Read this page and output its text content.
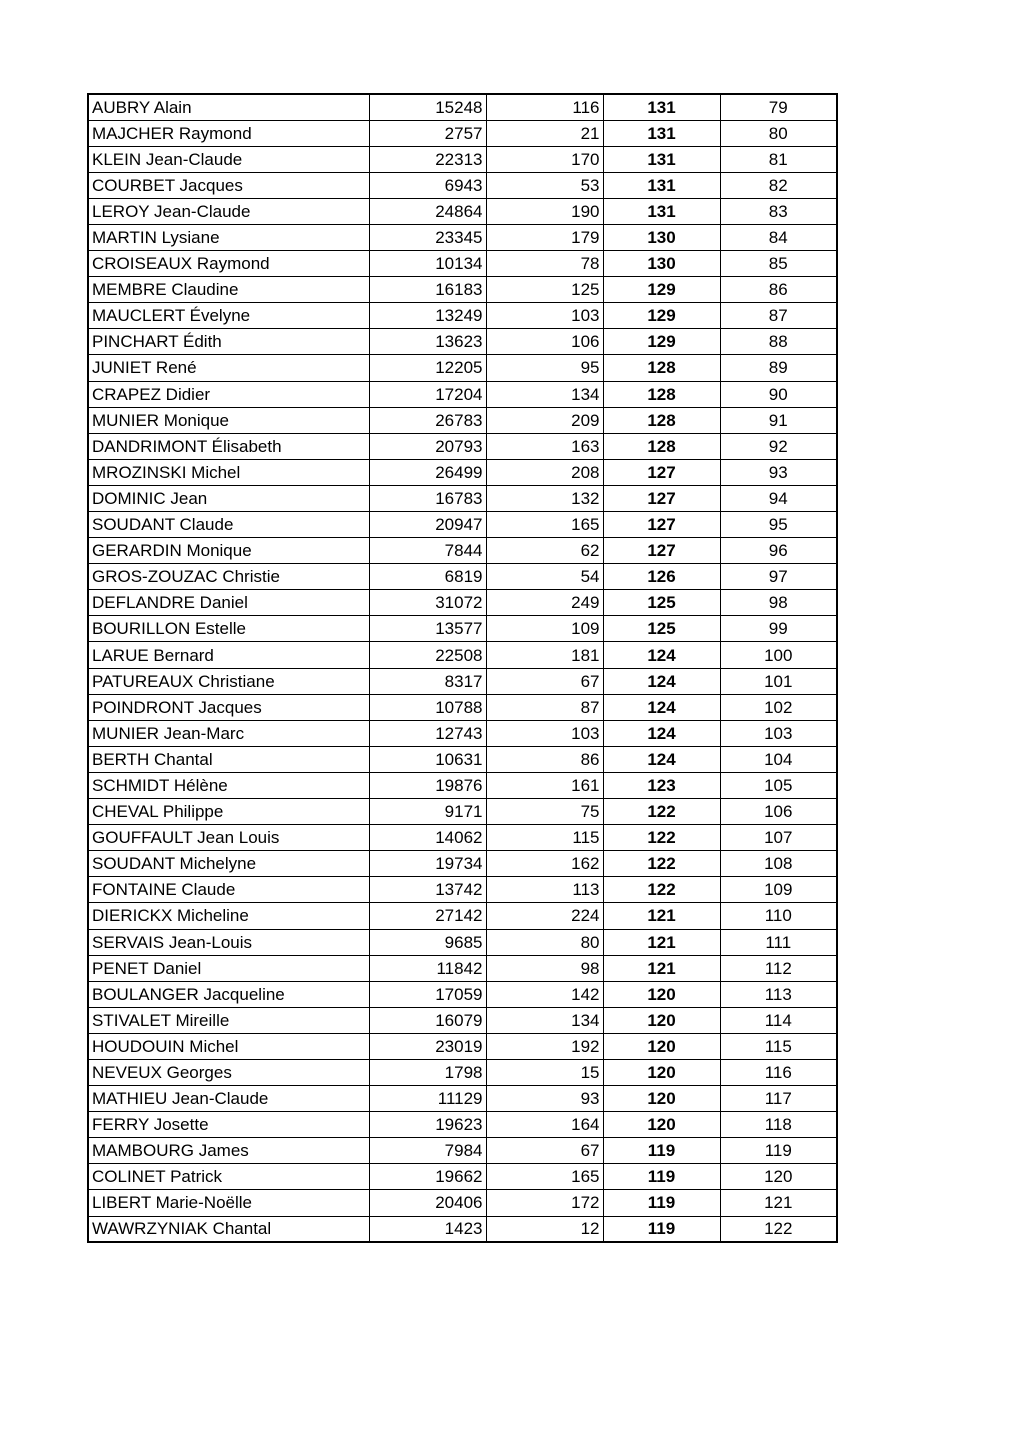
AUBRY Alain	15248	116	131	79
MAJCHER Raymond	2757	21	131	80
KLEIN Jean-Claude	22313	170	131	81
COURBET Jacques	6943	53	131	82
LEROY Jean-Claude	24864	190	131	83
MARTIN Lysiane	23345	179	130	84
CROISEAUX Raymond	10134	78	130	85
MEMBRE Claudine	16183	125	129	86
MAUCLERT Évelyne	13249	103	129	87
PINCHART Édith	13623	106	129	88
JUNIET René	12205	95	128	89
CRAPEZ Didier	17204	134	128	90
MUNIER Monique	26783	209	128	91
DANDRIMONT Élisabeth	20793	163	128	92
MROZINSKI Michel	26499	208	127	93
DOMINIC Jean	16783	132	127	94
SOUDANT Claude	20947	165	127	95
GERARDIN Monique	7844	62	127	96
GROS-ZOUZAC Christie	6819	54	126	97
DEFLANDRE Daniel	31072	249	125	98
BOURILLON Estelle	13577	109	125	99
LARUE Bernard	22508	181	124	100
PATUREAUX Christiane	8317	67	124	101
POINDRONT Jacques	10788	87	124	102
MUNIER Jean-Marc	12743	103	124	103
BERTH Chantal	10631	86	124	104
SCHMIDT Hélène	19876	161	123	105
CHEVAL Philippe	9171	75	122	106
GOUFFAULT Jean Louis	14062	115	122	107
SOUDANT Michelyne	19734	162	122	108
FONTAINE Claude	13742	113	122	109
DIERICKX Micheline	27142	224	121	110
SERVAIS Jean-Louis	9685	80	121	111
PENET Daniel	11842	98	121	112
BOULANGER Jacqueline	17059	142	120	113
STIVALET Mireille	16079	134	120	114
HOUDOUIN Michel	23019	192	120	115
NEVEUX Georges	1798	15	120	116
MATHIEU Jean-Claude	11129	93	120	117
FERRY Josette	19623	164	120	118
MAMBOURG James	7984	67	119	119
COLINET Patrick	19662	165	119	120
LIBERT Marie-Noëlle	20406	172	119	121
WAWRZYNIAK Chantal	1423	12	119	122
